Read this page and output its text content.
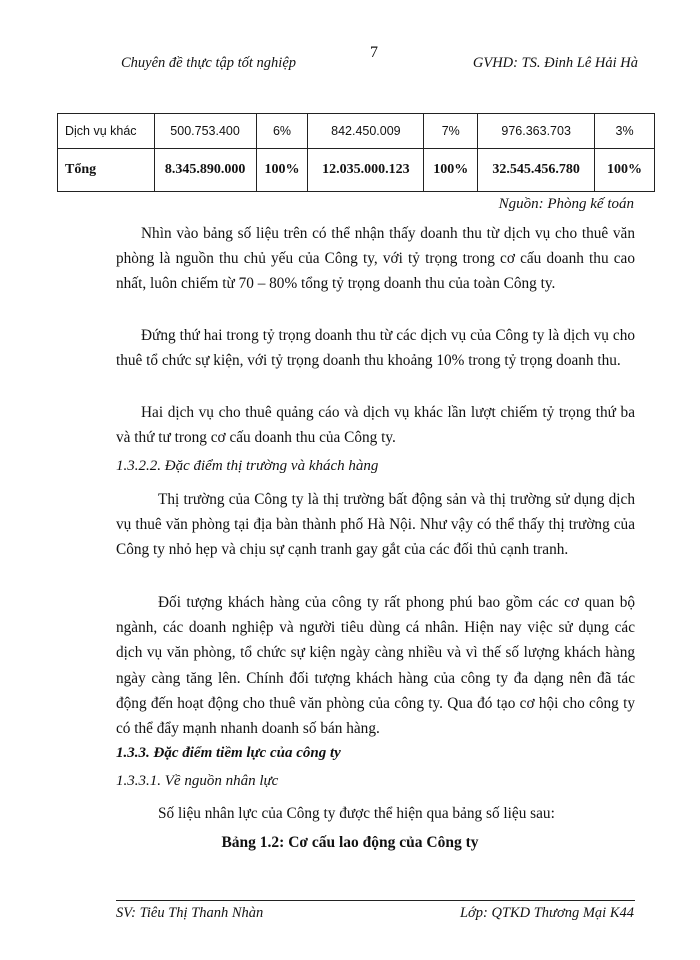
Chuyên đề thực tập tốt nghiệp
7
GVHD: TS. Đinh Lê Hải Hà
Dịch vụ khác	500.753.400	6%	842.450.009	7%	976.363.703	3%
Tổng	8.345.890.000	100%	12.035.000.123	100%	32.545.456.780	100%
Nguồn: Phòng kế toán

Nhìn vào bảng số liệu trên có thể nhận thấy doanh thu từ dịch vụ cho thuê văn phòng là nguồn thu chủ yếu của Công ty, với tỷ trọng trong cơ cấu doanh thu cao nhất, luôn chiếm từ 70 – 80% tổng tỷ trọng doanh thu của toàn Công ty.

Đứng thứ hai trong tỷ trọng doanh thu từ các dịch vụ của Công ty là dịch vụ cho thuê tổ chức sự kiện, với tỷ trọng doanh thu khoảng 10% trong tỷ trọng doanh thu.

Hai dịch vụ cho thuê quảng cáo và dịch vụ khác lần lượt chiếm tỷ trọng thứ ba và thứ tư trong cơ cấu doanh thu của Công ty.

1.3.2.2. Đặc điểm thị trường và khách hàng

Thị trường của Công ty là thị trường bất động sản và thị trường sử dụng dịch vụ thuê văn phòng tại địa bàn thành phố Hà Nội. Như vậy có thể thấy thị trường của Công ty nhỏ hẹp và chịu sự cạnh tranh gay gắt của các đối thủ cạnh tranh.

Đối tượng khách hàng của công ty rất phong phú bao gồm các cơ quan bộ ngành, các doanh nghiệp và người tiêu dùng cá nhân. Hiện nay việc sử dụng các dịch vụ văn phòng, tổ chức sự kiện ngày càng nhiều và vì thế số lượng khách hàng ngày càng tăng lên. Chính đối tượng khách hàng của công ty đa dạng nên đã tác động đến hoạt động cho thuê văn phòng của công ty. Qua đó tạo cơ hội cho công ty có thể đẩy mạnh nhanh doanh số bán hàng.

1.3.3. Đặc điểm tiềm lực của công ty
1.3.3.1. Về nguồn nhân lực

Số liệu nhân lực của Công ty được thể hiện qua bảng số liệu sau:

Bảng 1.2: Cơ cấu lao động của Công ty
SV: Tiêu Thị Thanh Nhàn	Lớp: QTKD Thương Mại K44
